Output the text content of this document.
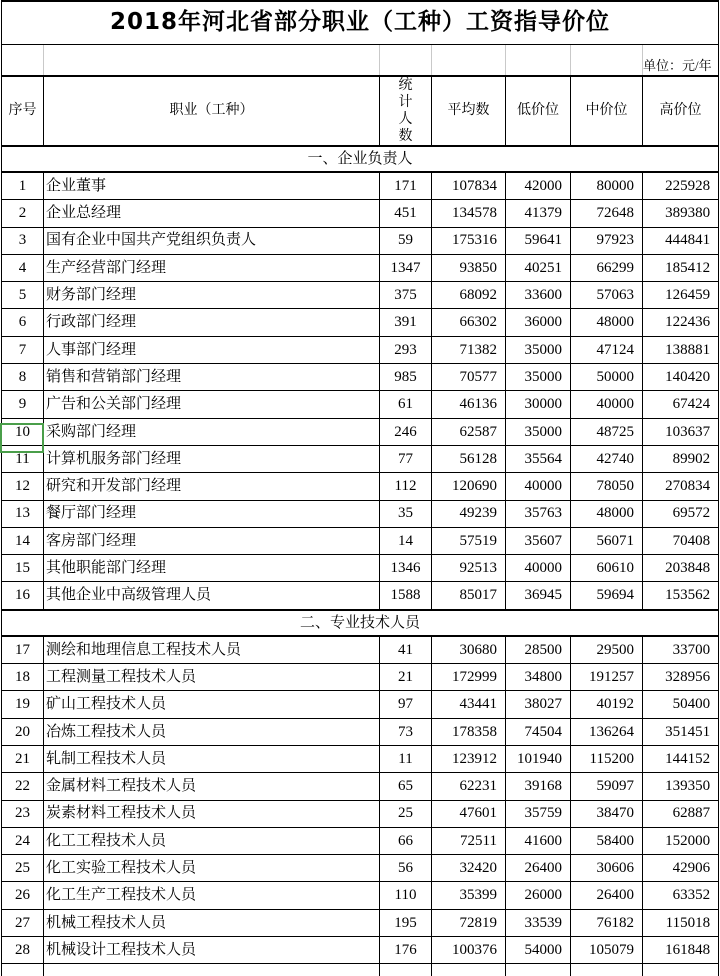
2018年河北省部分职业（工种）工资指导价位						
						单位：元/年
序号	职业（工种）	统计人数	平均数	低价位	中价位	高价位
一、企业负责人						
1	企业董事	171	107834	42000	80000	225928
2	企业总经理	451	134578	41379	72648	389380
3	国有企业中国共产党组织负责人	59	175316	59641	97923	444841
4	生产经营部门经理	1347	93850	40251	66299	185412
5	财务部门经理	375	68092	33600	57063	126459
6	行政部门经理	391	66302	36000	48000	122436
7	人事部门经理	293	71382	35000	47124	138881
8	销售和营销部门经理	985	70577	35000	50000	140420
9	广告和公关部门经理	61	46136	30000	40000	67424
10	采购部门经理	246	62587	35000	48725	103637
11	计算机服务部门经理	77	56128	35564	42740	89902
12	研究和开发部门经理	112	120690	40000	78050	270834
13	餐厅部门经理	35	49239	35763	48000	69572
14	客房部门经理	14	57519	35607	56071	70408
15	其他职能部门经理	1346	92513	40000	60610	203848
16	其他企业中高级管理人员	1588	85017	36945	59694	153562
二、专业技术人员						
17	测绘和地理信息工程技术人员	41	30680	28500	29500	33700
18	工程测量工程技术人员	21	172999	34800	191257	328956
19	矿山工程技术人员	97	43441	38027	40192	50400
20	冶炼工程技术人员	73	178358	74504	136264	351451
21	轧制工程技术人员	11	123912	101940	115200	144152
22	金属材料工程技术人员	65	62231	39168	59097	139350
23	炭素材料工程技术人员	25	47601	35759	38470	62887
24	化工工程技术人员	66	72511	41600	58400	152000
25	化工实验工程技术人员	56	32420	26400	30606	42906
26	化工生产工程技术人员	110	35399	26000	26400	63352
27	机械工程技术人员	195	72819	33539	76182	115018
28	机械设计工程技术人员	176	100376	54000	105079	161848
